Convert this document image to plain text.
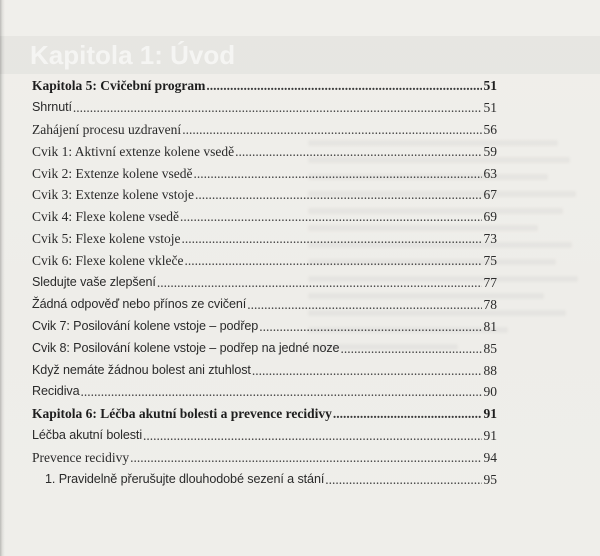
Kapitola 1: Úvod
Kapitola 5: Cvičební program .....	51
Shrnutí .....	51
Zahájení procesu uzdravení .....	56
Cvik 1: Aktivní extenze kolene vsedě .....	59
Cvik 2: Extenze kolene vsedě .....	63
Cvik 3: Extenze kolene vstoje .....	67
Cvik 4: Flexe kolene vsedě .....	69
Cvik 5: Flexe kolene vstoje .....	73
Cvik 6: Flexe kolene vkleče .....	75
Sledujte vaše zlepšení .....	77
Žádná odpověď nebo přínos ze cvičení .....	78
Cvik 7: Posilování kolene vstoje – podřep .....	81
Cvik 8: Posilování kolene vstoje – podřep na jedné noze .....	85
Když nemáte žádnou bolest ani ztuhlost .....	88
Recidiva .....	90
Kapitola 6: Léčba akutní bolesti a prevence recidivy .....	91
Léčba akutní bolesti .....	91
Prevence recidivy .....	94
1. Pravidelně přerušujte dlouhodobé sezení a stání .....	95
